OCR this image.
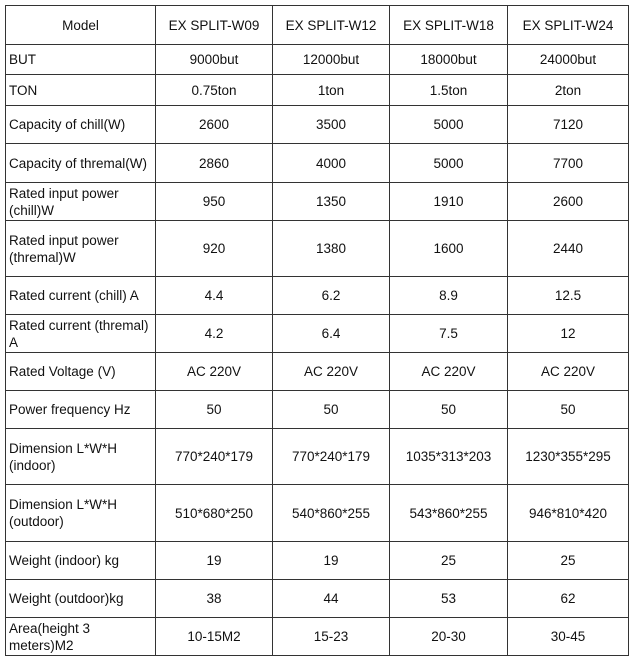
Model	EX SPLIT-W09	EX SPLIT-W12	EX SPLIT-W18	EX SPLIT-W24
BUT	9000but	12000but	18000but	24000but
TON	0.75ton	1ton	1.5ton	2ton
Capacity of chill(W)	2600	3500	5000	7120
Capacity of thremal(W)	2860	4000	5000	7700
Rated input power (chill)W	950	1350	1910	2600
Rated input power (thremal)W	920	1380	1600	2440
Rated current (chill) A	4.4	6.2	8.9	12.5
Rated current (thremal) A	4.2	6.4	7.5	12
Rated Voltage (V)	AC 220V	AC 220V	AC 220V	AC 220V
Power frequency Hz	50	50	50	50
Dimension L*W*H (indoor)	770*240*179	770*240*179	1035*313*203	1230*355*295
Dimension L*W*H (outdoor)	510*680*250	540*860*255	543*860*255	946*810*420
Weight (indoor) kg	19	19	25	25
Weight (outdoor)kg	38	44	53	62
Area(height 3 meters)M2	10-15M2	15-23	20-30	30-45
